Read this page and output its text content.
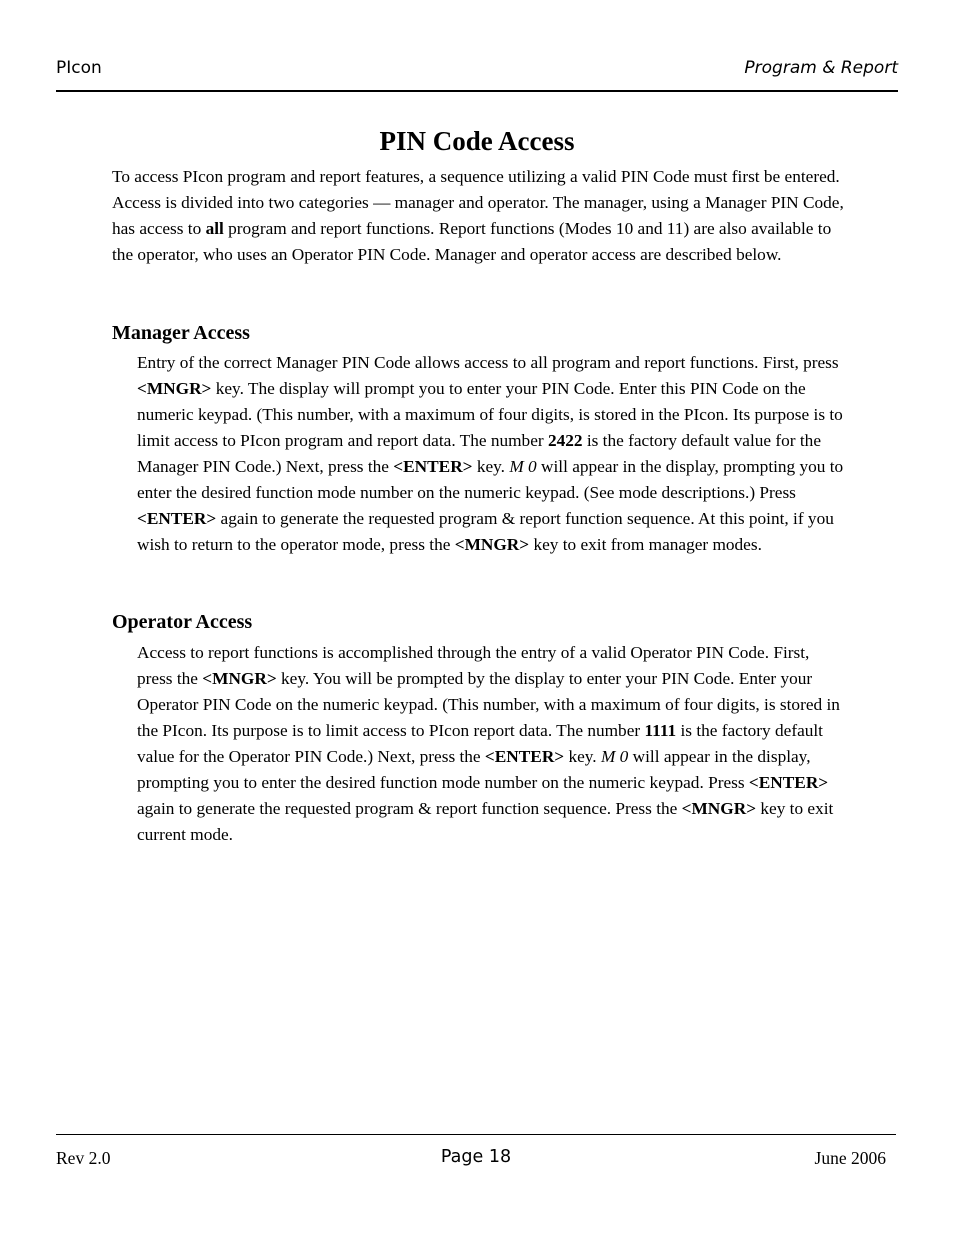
PIcon	Program & Report
PIN Code Access

To access PIcon program and report features, a sequence utilizing a valid PIN Code must first be entered. Access is divided into two categories — manager and operator. The manager, using a Manager PIN Code, has access to all program and report functions. Report functions (Modes 10 and 11) are also available to the operator, who uses an Operator PIN Code. Manager and operator access are described below.

Manager Access

Entry of the correct Manager PIN Code allows access to all program and report functions. First, press <MNGR> key. The display will prompt you to enter your PIN Code. Enter this PIN Code on the numeric keypad. (This number, with a maximum of four digits, is stored in the PIcon. Its purpose is to limit access to PIcon program and report data. The number 2422 is the factory default value for the Manager PIN Code.) Next, press the <ENTER> key. M 0 will appear in the display, prompting you to enter the desired function mode number on the numeric keypad. (See mode descriptions.) Press <ENTER> again to generate the requested program & report function sequence. At this point, if you wish to return to the operator mode, press the <MNGR> key to exit from manager modes.

Operator Access

Access to report functions is accomplished through the entry of a valid Operator PIN Code. First, press the <MNGR> key. You will be prompted by the display to enter your PIN Code. Enter your Operator PIN Code on the numeric keypad. (This number, with a maximum of four digits, is stored in the PIcon. Its purpose is to limit access to PIcon report data. The number 1111 is the factory default value for the Operator PIN Code.) Next, press the <ENTER> key. M 0 will appear in the display, prompting you to enter the desired function mode number on the numeric keypad. Press <ENTER> again to generate the requested program & report function sequence. Press the <MNGR> key to exit current mode.

Rev 2.0	Page 18	June 2006
